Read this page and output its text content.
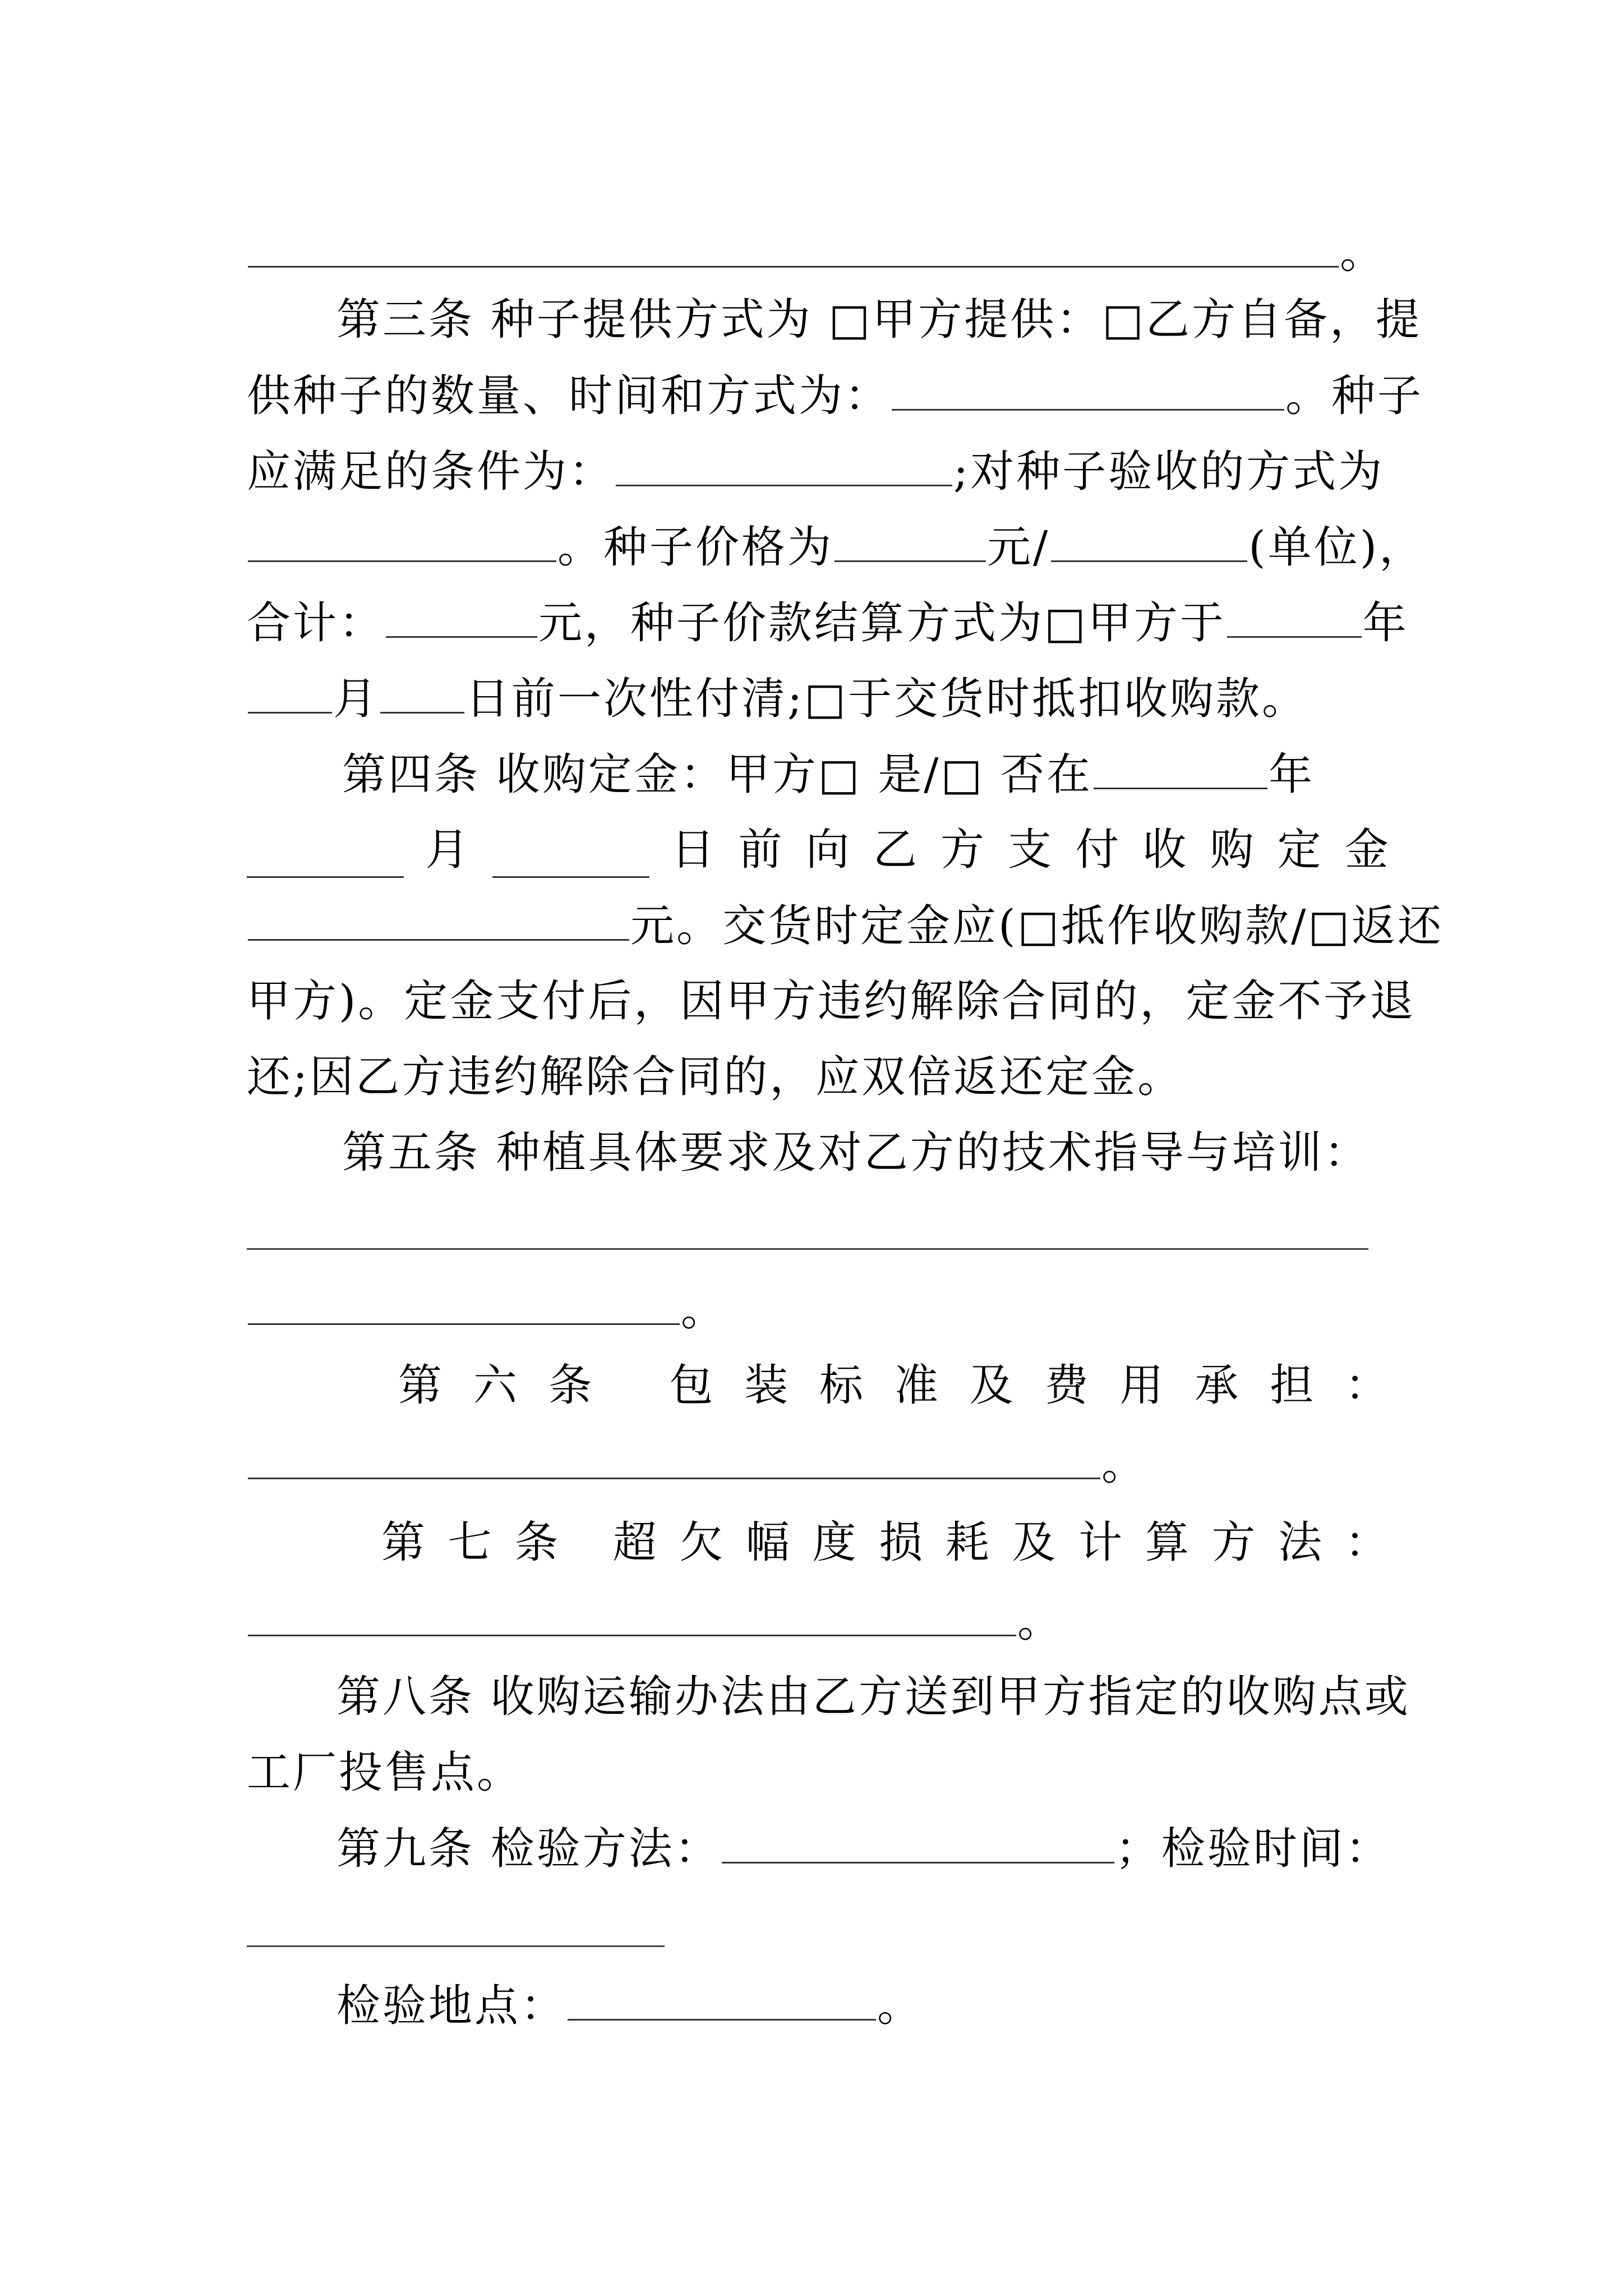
。
第三条 种子提供方式为 □甲方提供：□乙方自备，提
供种子的数量、时间和方式为：	。种子
应满足的条件为：	;对种子验收的方式为
。种子价格为	元/	(单位)，
合计：	元，种子价款结算方式为□甲方于	年
月 日前一次性付清;□于交货时抵扣收购款。
第四条 收购定金：甲方□ 是/□ 否在	年
月	日 前 向 乙 方 支 付 收 购 定 金
元。交货时定金应(□抵作收购款/□返还
甲方)。定金支付后，因甲方违约解除合同的，定金不予退
还;因乙方违约解除合同的，应双倍返还定金。
第五条 种植具体要求及对乙方的技术指导与培训：
。
第 六 条 包 装 标 准 及 费 用 承 担 ：
。
第 七 条 超 欠 幅 度 损 耗 及 计 算 方 法 ：
。
第八条 收购运输办法由乙方送到甲方指定的收购点或
工厂投售点。
第九条 检验方法：	；检验时间：
检验地点：	。
